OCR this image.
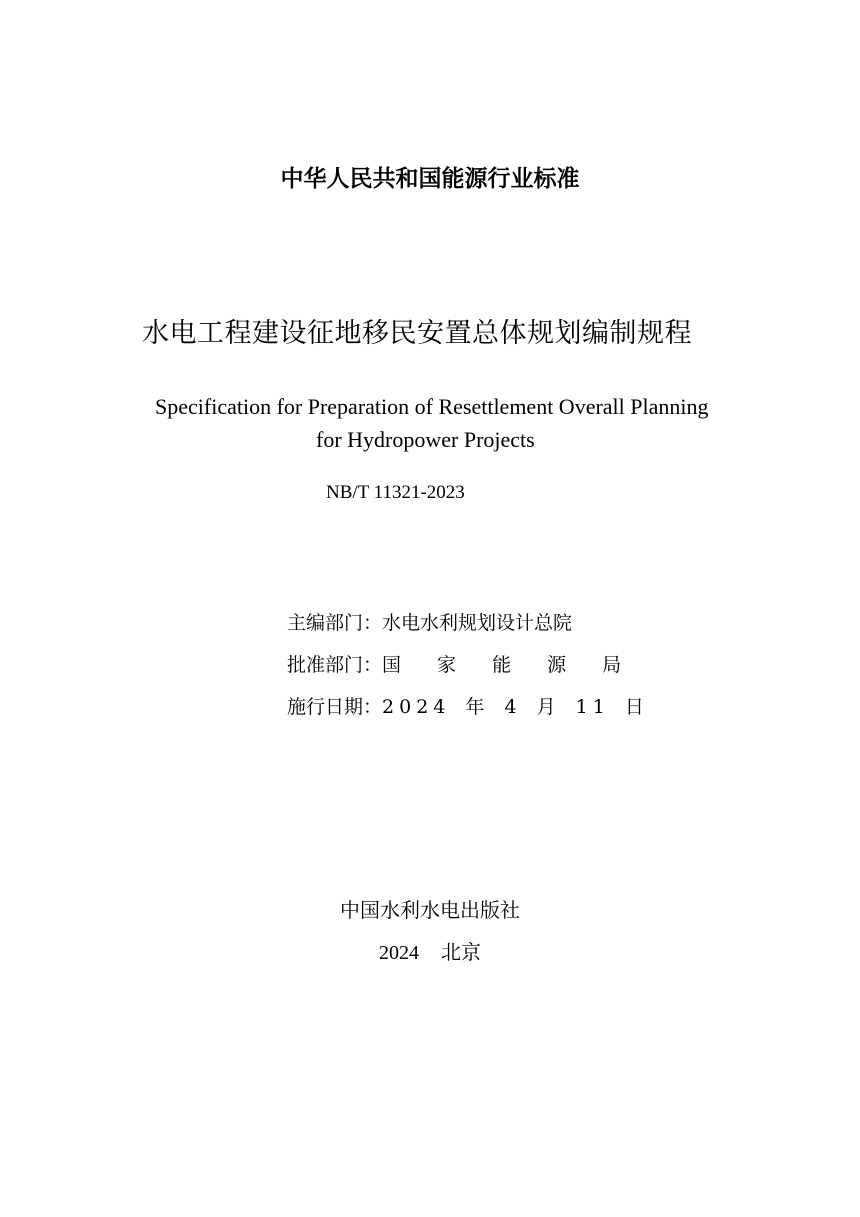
中华人民共和国能源行业标准
水电工程建设征地移民安置总体规划编制规程
Specification for Preparation of Resettlement Overall Planning
for Hydropower Projects
NB/T 11321-2023
主编部门：水电水利规划设计总院
批准部门：国 家 能 源 局
施行日期：2024 年 4 月 11 日
中国水利水电出版社
2024 北京
